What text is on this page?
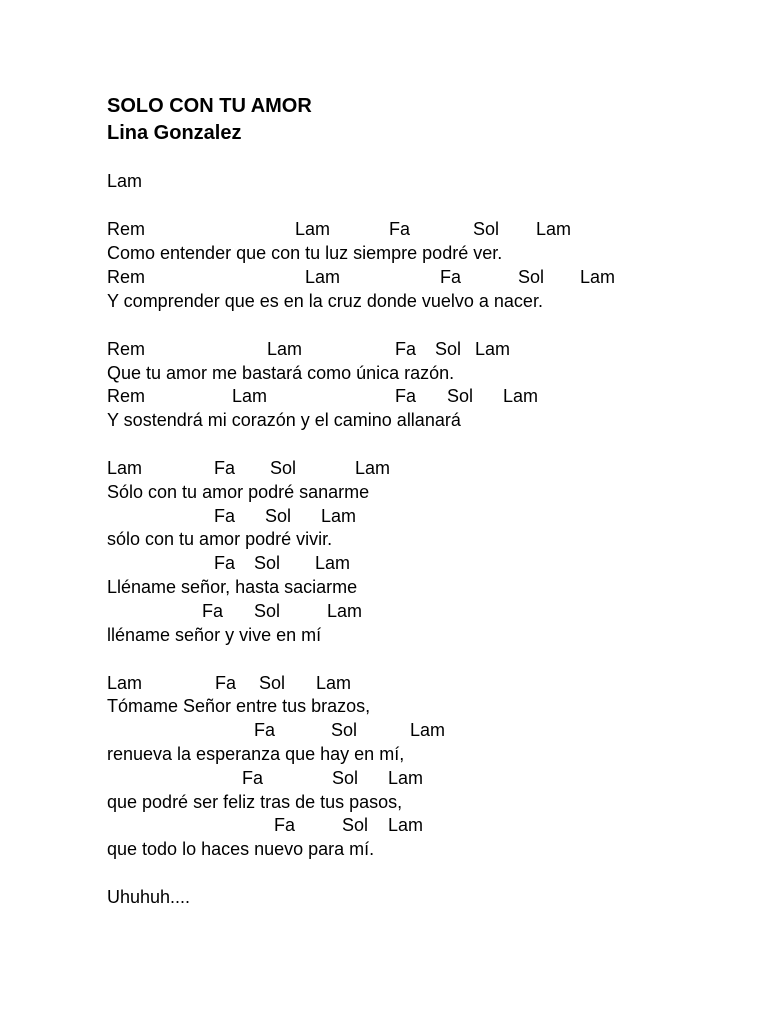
SOLO CON TU AMOR
Lina Gonzalez

Lam

Rem

	Lam

	Fa

	Sol

Lam

Como entender que con tu luz siempre podré ver.

Rem

	Lam

	Fa

	Sol

Lam

Y comprender que es en la cruz donde vuelvo a nacer.

Rem

	Lam

	Fa

Sol

Lam

Que tu amor me bastará como única razón.

Rem

	Lam

	Fa

Sol

Lam

Y sostendrá mi corazón y el camino allanará

Lam

	Fa

Sol

	Lam

Sólo con tu amor podré sanarme

Fa

Sol

Lam

sólo con tu amor podré vivir.

Fa

Sol

Lam

Lléname señor, hasta saciarme

Fa

Sol

	Lam

lléname señor y vive en mí

Lam

	Fa

Sol

Lam

Tómame Señor entre tus brazos,

Fa

	Sol

	Lam

renueva la esperanza que hay en mí,

Fa

	Sol

Lam

que podré ser feliz tras de tus pasos,

Fa

	Sol

Lam

que todo lo haces nuevo para mí.

Uhuhuh....
